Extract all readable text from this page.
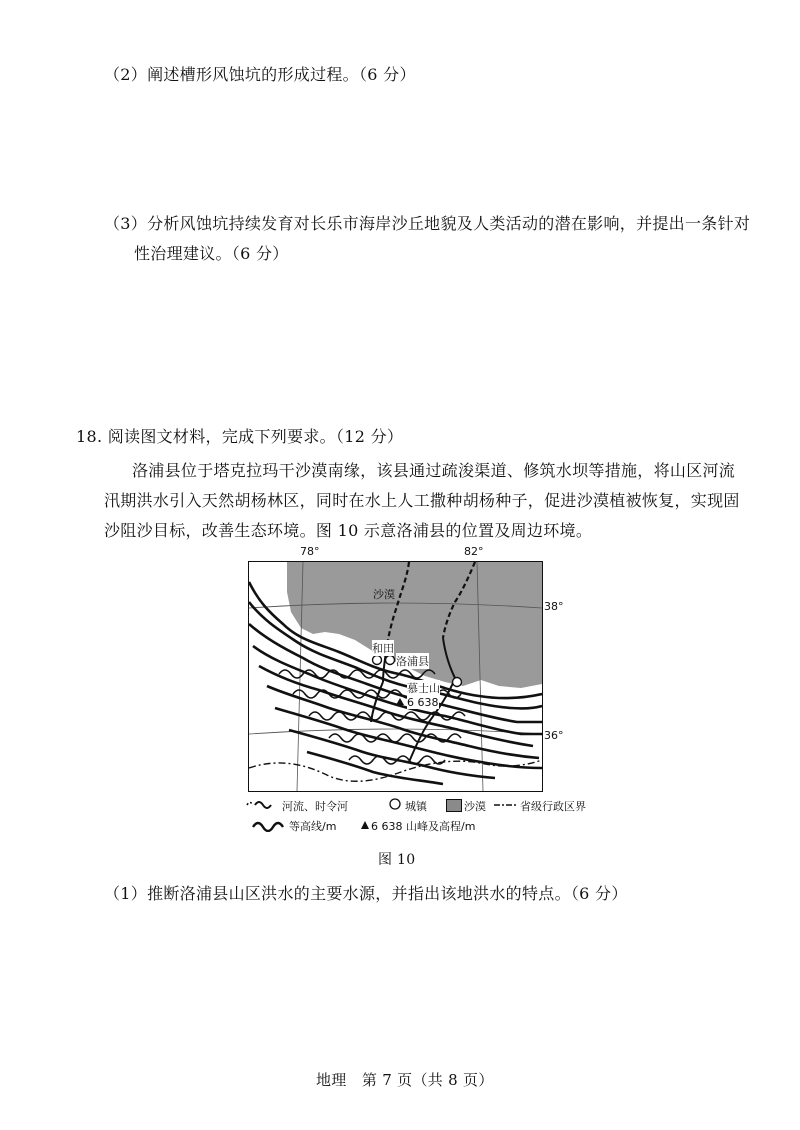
（2）阐述槽形风蚀坑的形成过程。（6 分）
（3）分析风蚀坑持续发育对长乐市海岸沙丘地貌及人类活动的潜在影响，并提出一条针对
性治理建议。（6 分）
18. 阅读图文材料，完成下列要求。（12 分）
洛浦县位于塔克拉玛干沙漠南缘，该县通过疏浚渠道、修筑水坝等措施，将山区河流
汛期洪水引入天然胡杨林区，同时在水上人工撒种胡杨种子，促进沙漠植被恢复，实现固
沙阻沙目标，改善生态环境。图 10 示意洛浦县的位置及周边环境。
78°	82°
38°
36°
沙漠
和田
洛浦县
慕士山
6 638
河流、时令河	城镇	沙漠	省级行政区界
等高线/m	6 638 山峰及高程/m
图 10
（1）推断洛浦县山区洪水的主要水源，并指出该地洪水的特点。（6 分）
地理　第 7 页（共 8 页）
